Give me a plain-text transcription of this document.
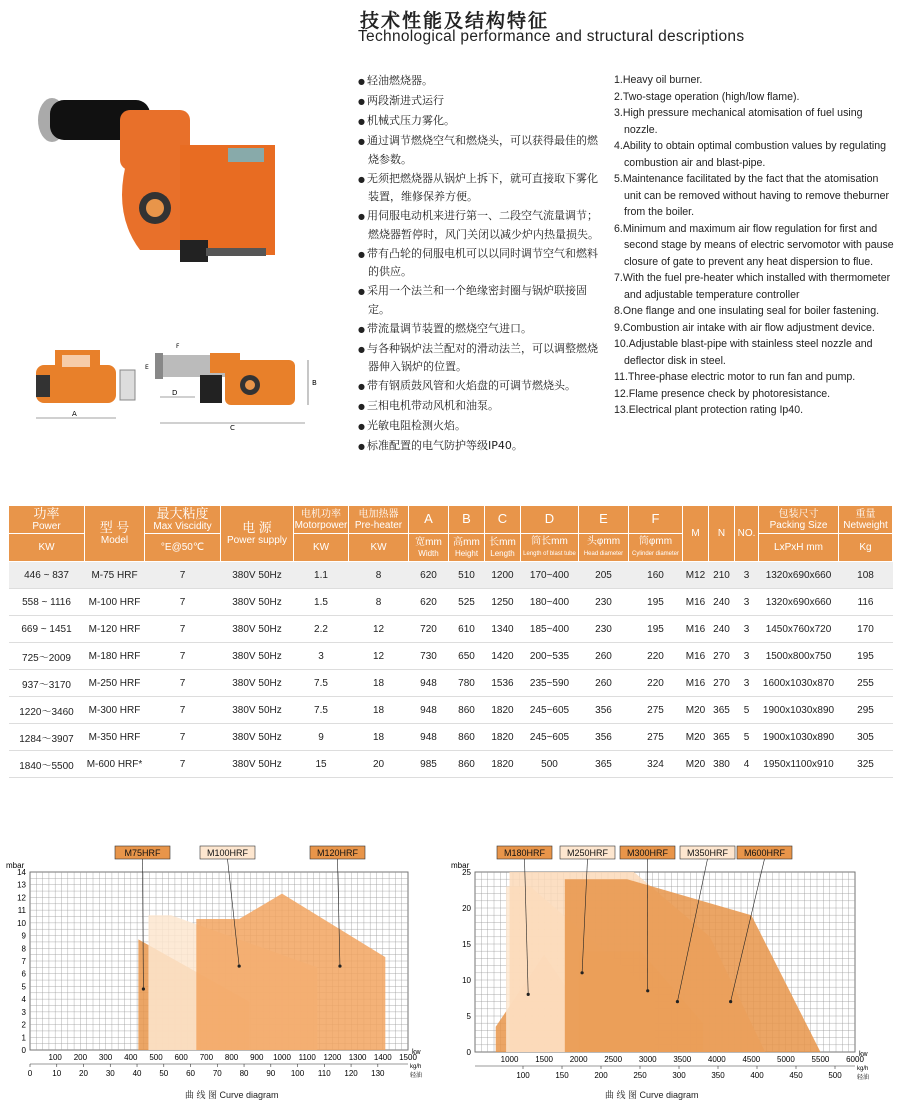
技术性能及结构特征
Technological performance and structural descriptions
A
C
D
E
F
B
● 轻油燃烧器。
● 两段渐进式运行
● 机械式压力雾化。
● 通过调节燃烧空气和燃烧头，可以获得最佳的燃烧参数。
● 无须把燃烧器从锅炉上拆下，就可直接取下雾化装置，维修保养方便。
● 用伺服电动机来进行第一、二段空气流量调节；燃烧器暂停时，风门关闭以减少炉内热量损失。
● 带有凸轮的伺服电机可以以同时调节空气和燃料的供应。
● 采用一个法兰和一个绝缘密封圈与锅炉联接固定。
● 带流量调节装置的燃烧空气进口。
● 与各种锅炉法兰配对的滑动法兰，可以调整燃烧器伸入锅炉的位置。
● 带有钢质鼓风管和火焰盘的可调节燃烧头。
● 三相电机带动风机和油泵。
● 光敏电阻检测火焰。
● 标准配置的电气防护等级IP40。
1.Heavy oil burner.
2.Two-stage operation (high/low flame).
3.High pressure mechanical atomisation of fuel using nozzle.
4.Ability to obtain optimal combustion values by regulating combustion air and blast-pipe.
5.Maintenance facilitated by the fact that the atomisation unit can be removed without having to remove theburner from the boiler.
6.Minimum and maximum air flow regulation for first and second stage by means of electric servomotor with pause closure of gate to prevent any heat dispersion to flue.
7.With the fuel pre-heater which installed with thermometer and adjustable temperature controller
8.One flange and one insulating seal for boiler fastening.
9.Combustion air intake with air flow adjustment device.
10.Adjustable blast-pipe with stainless steel nozzle and deflector disk in steel.
11.Three-phase electric motor to run fan and pump.
12.Flame presence check by photoresistance.
13.Electrical plant protection rating Ip40.
功率
Power	型 号
Model	最大粘度
Max Viscidity	电 源
Power supply	电机功率
Motorpower	电加热器
Pre-heater	A	B	C	D	E	F	M	N	NO.	包装尺寸
Packing Size	重量
Netweight
KW		°E@50℃		KW	KW	宽mm
Width	高mm
Height	长mm
Length	筒长mm
Length of blast tube	头φmm
Head diameter	筒φmm
Cylinder diameter				LxPxH mm	Kg
446 ~ 837	M-75 HRF	7	380V 50Hz	1.1	8	620	510	1200	170~400	205	160	M12	210	3	1320x690x660	108
558 ~ 1116	M-100 HRF	7	380V 50Hz	1.5	8	620	525	1250	180~400	230	195	M16	240	3	1320x690x660	116
669 ~ 1451	M-120 HRF	7	380V 50Hz	2.2	12	720	610	1340	185~400	230	195	M16	240	3	1450x760x720	170
725～2009	M-180 HRF	7	380V 50Hz	3	12	730	650	1420	200~535	260	220	M16	270	3	1500x800x750	195
937～3170	M-250 HRF	7	380V 50Hz	7.5	18	948	780	1536	235~590	260	220	M16	270	3	1600x1030x870	255
1220～3460	M-300 HRF	7	380V 50Hz	7.5	18	948	860	1820	245~605	356	275	M20	365	5	1900x1030x890	295
1284～3907	M-350 HRF	7	380V 50Hz	9	18	948	860	1820	245~605	356	275	M20	365	5	1900x1030x890	305
1840～5500	M-600 HRF*	7	380V 50Hz	15	20	985	860	1820	500	365	324	M20	380	4	1950x1100x910	325
M75HRF	M100HRF	M120HRF
mbar
0
1
2
3
4
5
6
7
8
9
10
11
12
13
14
100 200 300 400 500 600 700 800 900 1000 1100 1200 1300 1400 1500
kw
0	10 20 30 40 50 60 70 80 90 100 110 120 130
kg/h
轻油
M180HRF M250HRF M300HRF M350HRF M600HRF
mbar
0
5
10
15
20
25
1000 1500 2000 2500 3000 3500 4000 4500 5000 5500 6000
kw
100	150	200	250	300	350	400	450	500
kg/h
轻油
曲 线 图 Curve diagram	曲 线 图 Curve diagram
